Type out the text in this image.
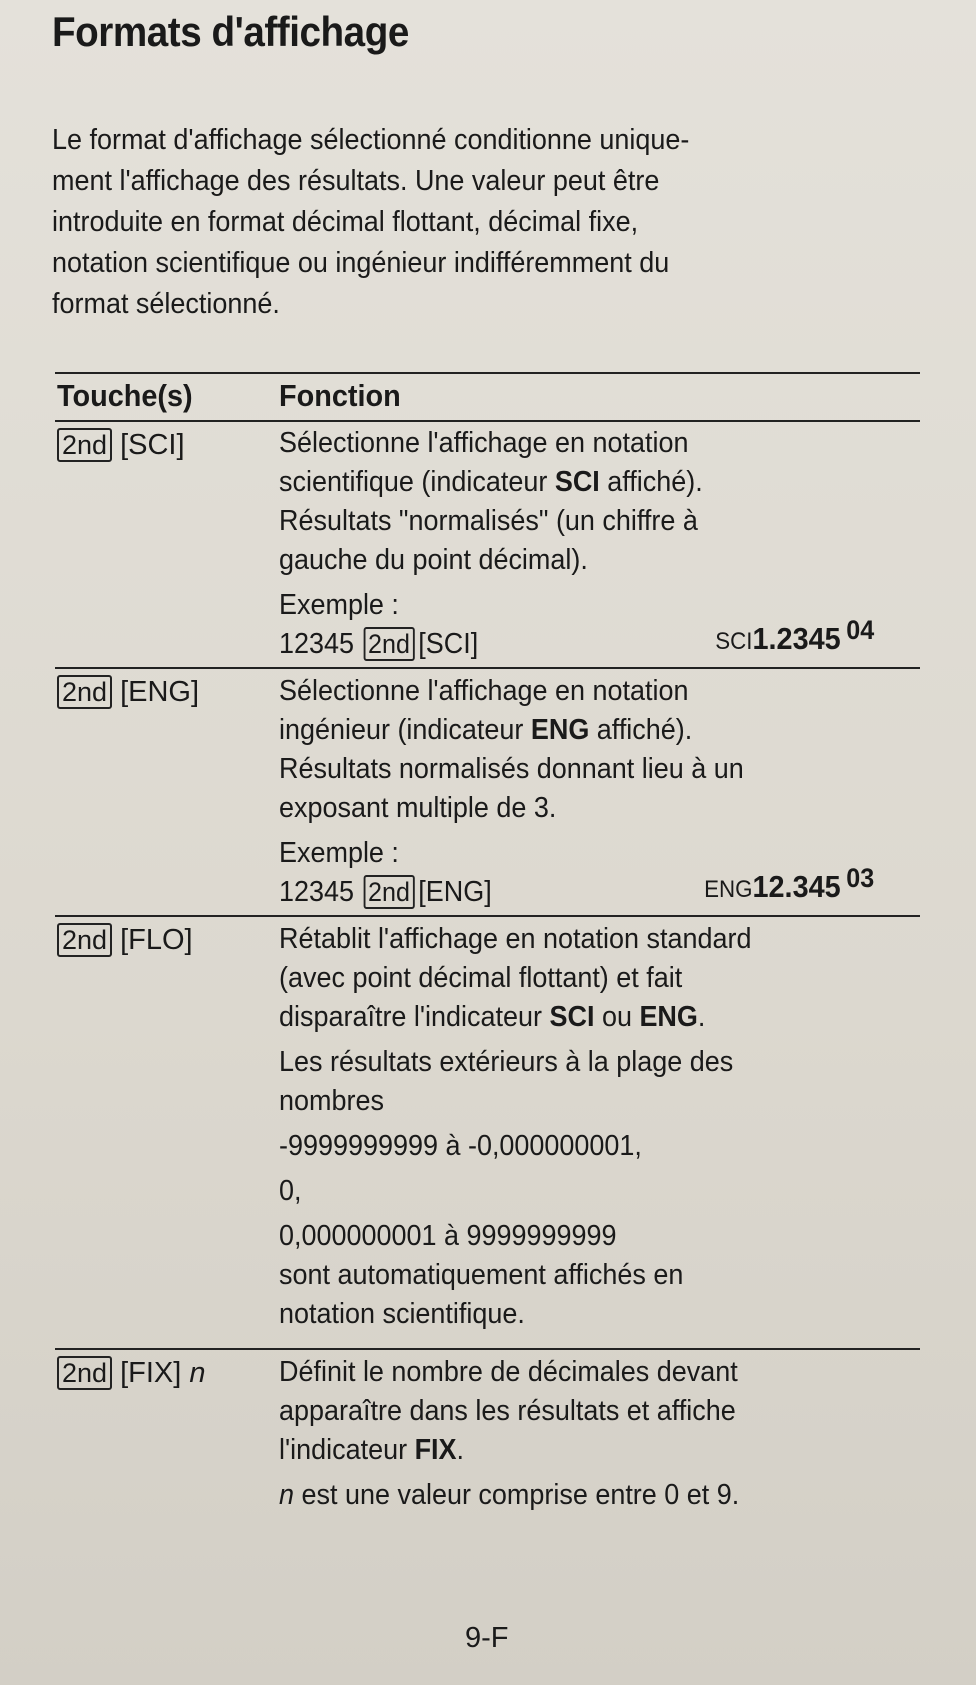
Formats d'affichage
Le format d'affichage sélectionné conditionne unique-
ment l'affichage des résultats. Une valeur peut être
introduite en format décimal flottant, décimal fixe,
notation scientifique ou ingénieur indifféremment du
format sélectionné.
Touche(s)	Fonction
2nd [SCI]	Sélectionne l'affichage en notation
scientifique (indicateur SCI affiché).
Résultats "normalisés" (un chiffre à
gauche du point décimal).
Exemple :
12345 2nd [SCI]	SCI1.2345 04
2nd [ENG]	Sélectionne l'affichage en notation
ingénieur (indicateur ENG affiché).
Résultats normalisés donnant lieu à un
exposant multiple de 3.
Exemple :
12345 2nd [ENG]	ENG12.345 03
2nd [FLO]	Rétablit l'affichage en notation standard
(avec point décimal flottant) et fait
disparaître l'indicateur SCI ou ENG.
Les résultats extérieurs à la plage des
nombres
-9999999999 à -0,000000001,
0,
0,000000001 à 9999999999
sont automatiquement affichés en
notation scientifique.
2nd [FIX] n	Définit le nombre de décimales devant
apparaître dans les résultats et affiche
l'indicateur FIX.
n est une valeur comprise entre 0 et 9.
9-F
